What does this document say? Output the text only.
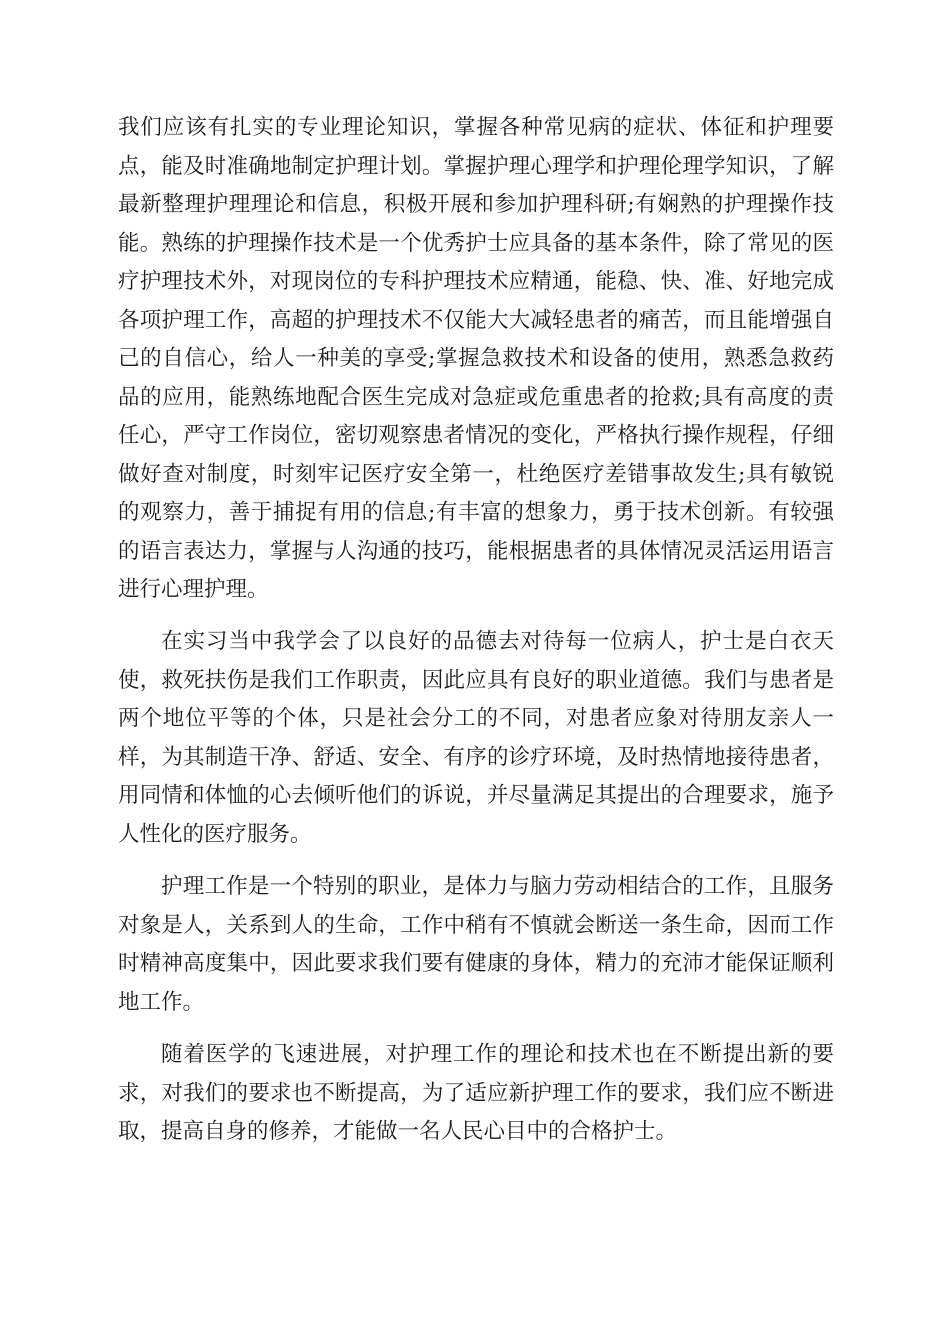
我们应该有扎实的专业理论知识，掌握各种常见病的症状、体征和护理要点，能及时准确地制定护理计划。掌握护理心理学和护理伦理学知识，了解最新整理护理理论和信息，积极开展和参加护理科研;有娴熟的护理操作技能。熟练的护理操作技术是一个优秀护士应具备的基本条件，除了常见的医疗护理技术外，对现岗位的专科护理技术应精通，能稳、快、准、好地完成各项护理工作，高超的护理技术不仅能大大减轻患者的痛苦，而且能增强自己的自信心，给人一种美的享受;掌握急救技术和设备的使用，熟悉急救药品的应用，能熟练地配合医生完成对急症或危重患者的抢救;具有高度的责任心，严守工作岗位，密切观察患者情况的变化，严格执行操作规程，仔细做好查对制度，时刻牢记医疗安全第一，杜绝医疗差错事故发生;具有敏锐的观察力，善于捕捉有用的信息;有丰富的想象力，勇于技术创新。有较强的语言表达力，掌握与人沟通的技巧，能根据患者的具体情况灵活运用语言进行心理护理。

在实习当中我学会了以良好的品德去对待每一位病人，护士是白衣天使，救死扶伤是我们工作职责，因此应具有良好的职业道德。我们与患者是两个地位平等的个体，只是社会分工的不同，对患者应象对待朋友亲人一样，为其制造干净、舒适、安全、有序的诊疗环境，及时热情地接待患者，用同情和体恤的心去倾听他们的诉说，并尽量满足其提出的合理要求，施予人性化的医疗服务。

护理工作是一个特别的职业，是体力与脑力劳动相结合的工作，且服务对象是人，关系到人的生命，工作中稍有不慎就会断送一条生命，因而工作时精神高度集中，因此要求我们要有健康的身体，精力的充沛才能保证顺利地工作。

随着医学的飞速进展，对护理工作的理论和技术也在不断提出新的要求，对我们的要求也不断提高，为了适应新护理工作的要求，我们应不断进取，提高自身的修养，才能做一名人民心目中的合格护士。
